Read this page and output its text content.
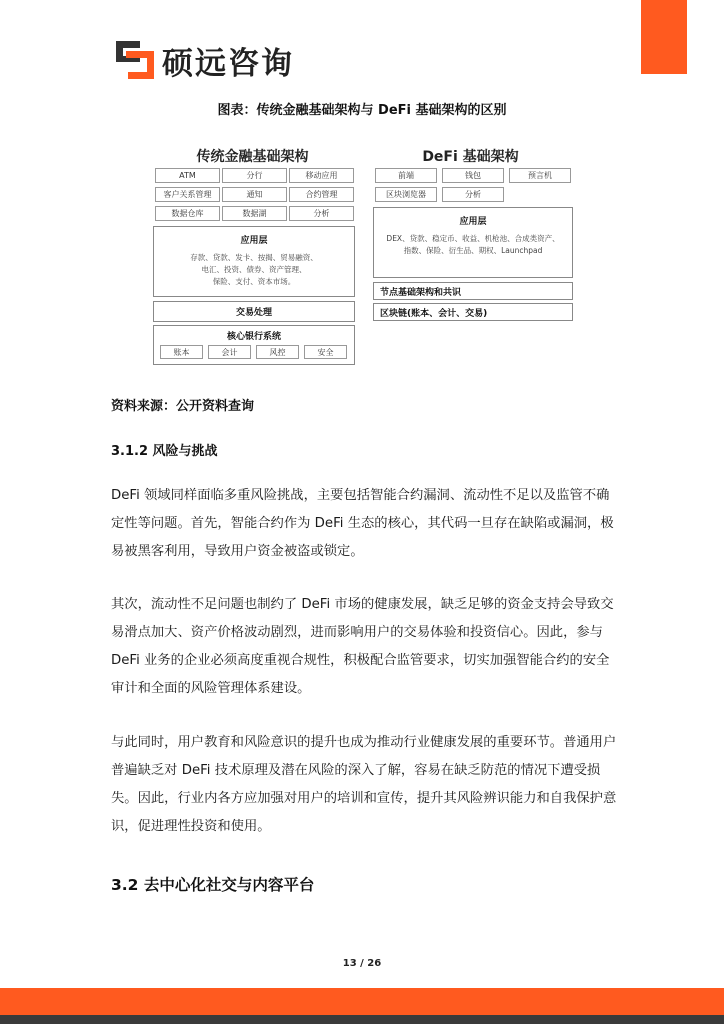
硕远咨询
图表：传统金融基础架构与 DeFi 基础架构的区别
传统金融基础架构
ATM	分行	移动应用
客户关系管理	通知	合约管理
数据仓库	数据湖	分析
应用层
存款、贷款、发卡、按揭、贸易融资、
电汇、投资、债券、资产管理、
保险、支付、资本市场。
交易处理
核心银行系统
账本	会计	风控	安全
DeFi 基础架构
前端	钱包	预言机
区块浏览器	分析
应用层
DEX、贷款、稳定币、收益、机枪池、合成类资产、
指数、保险、衍生品、期权、Launchpad
节点基础架构和共识
区块链(账本、会计、交易)
资料来源：公开资料查询
3.1.2 风险与挑战

DeFi 领域同样面临多重风险挑战，主要包括智能合约漏洞、流动性不足以及监管不确定性等问题。首先，智能合约作为 DeFi 生态的核心，其代码一旦存在缺陷或漏洞，极易被黑客利用，导致用户资金被盗或锁定。

其次，流动性不足问题也制约了 DeFi 市场的健康发展，缺乏足够的资金支持会导致交易滑点加大、资产价格波动剧烈，进而影响用户的交易体验和投资信心。因此，参与 DeFi 业务的企业必须高度重视合规性，积极配合监管要求，切实加强智能合约的安全审计和全面的风险管理体系建设。

与此同时，用户教育和风险意识的提升也成为推动行业健康发展的重要环节。普通用户普遍缺乏对 DeFi 技术原理及潜在风险的深入了解，容易在缺乏防范的情况下遭受损失。因此，行业内各方应加强对用户的培训和宣传，提升其风险辨识能力和自我保护意识，促进理性投资和使用。

3.2 去中心化社交与内容平台
13 / 26
